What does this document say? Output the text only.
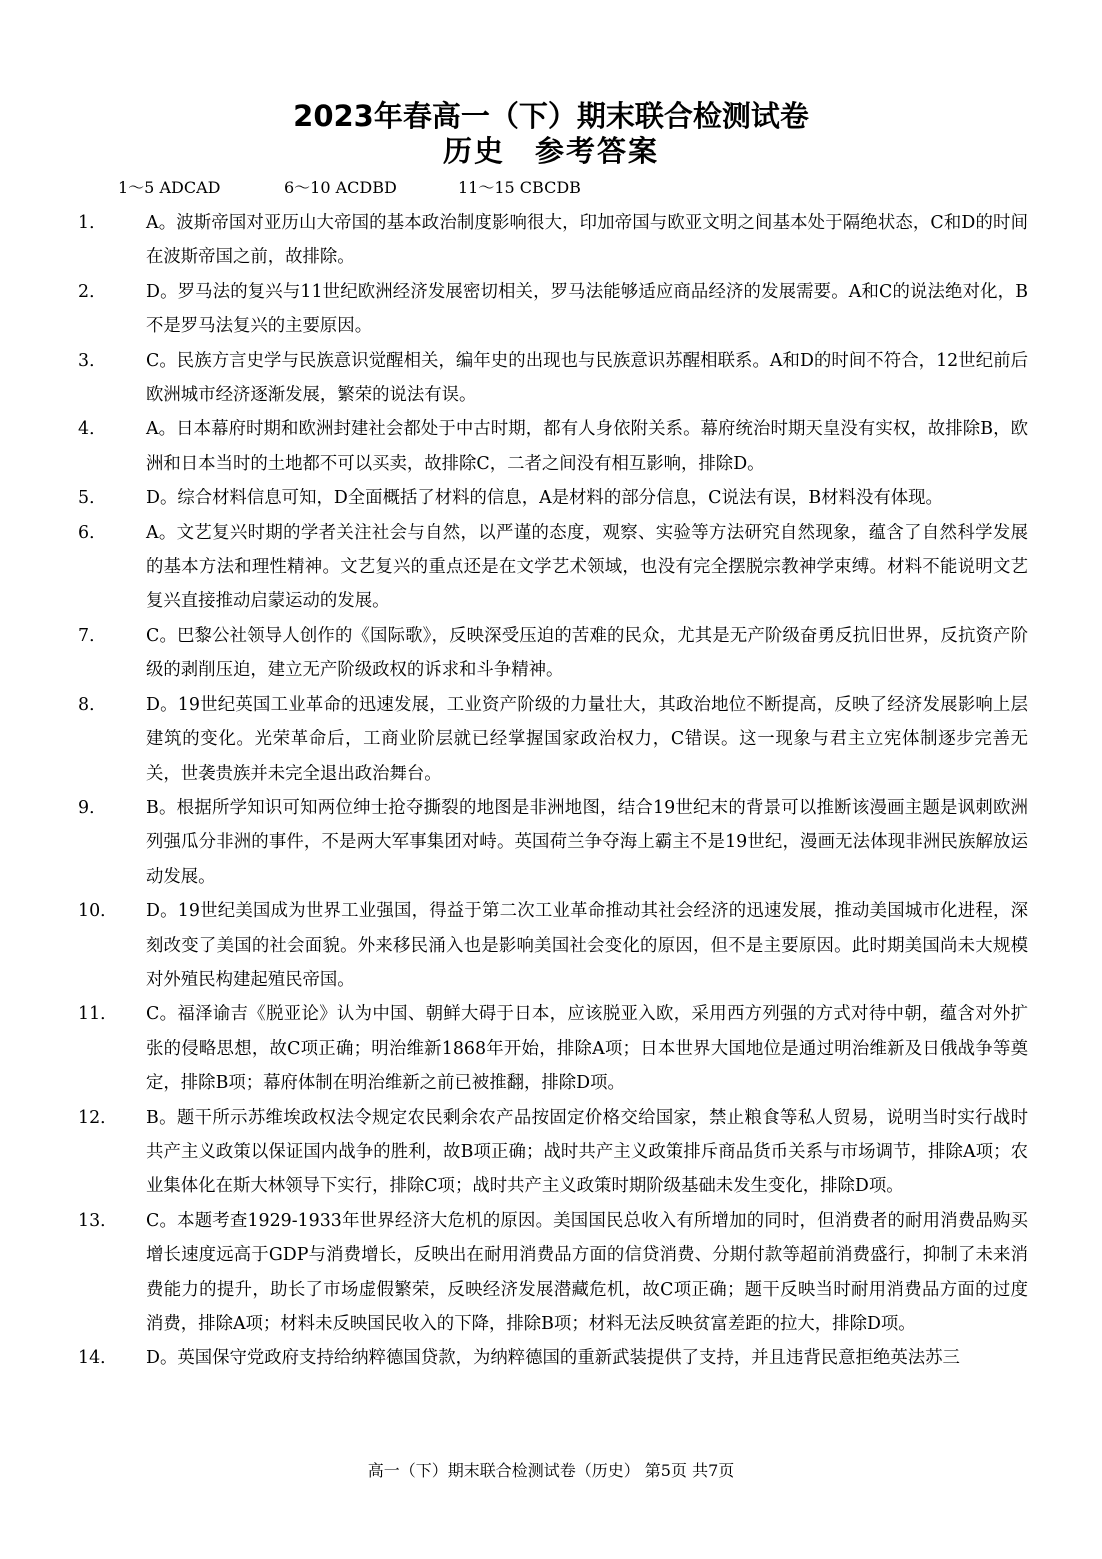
2023年春高一（下）期末联合检测试卷
历史 参考答案
1～5 ADCAD	6～10 ACDBD	11～15 CBCDB
1．	A。波斯帝国对亚历山大帝国的基本政治制度影响很大，印加帝国与欧亚文明之间基本处于隔绝状态，C和D的时间在波斯帝国之前，故排除。
2．	D。罗马法的复兴与11世纪欧洲经济发展密切相关，罗马法能够适应商品经济的发展需要。A和C的说法绝对化，B不是罗马法复兴的主要原因。
3．	C。民族方言史学与民族意识觉醒相关，编年史的出现也与民族意识苏醒相联系。A和D的时间不符合，12世纪前后欧洲城市经济逐渐发展，繁荣的说法有误。
4．	A。日本幕府时期和欧洲封建社会都处于中古时期，都有人身依附关系。幕府统治时期天皇没有实权，故排除B，欧洲和日本当时的土地都不可以买卖，故排除C，二者之间没有相互影响，排除D。
5．	D。综合材料信息可知，D全面概括了材料的信息，A是材料的部分信息，C说法有误，B材料没有体现。
6．	A。文艺复兴时期的学者关注社会与自然，以严谨的态度，观察、实验等方法研究自然现象，蕴含了自然科学发展的基本方法和理性精神。文艺复兴的重点还是在文学艺术领域，也没有完全摆脱宗教神学束缚。材料不能说明文艺复兴直接推动启蒙运动的发展。
7．	C。巴黎公社领导人创作的《国际歌》，反映深受压迫的苦难的民众，尤其是无产阶级奋勇反抗旧世界，反抗资产阶级的剥削压迫，建立无产阶级政权的诉求和斗争精神。
8．	D。19世纪英国工业革命的迅速发展，工业资产阶级的力量壮大，其政治地位不断提高，反映了经济发展影响上层建筑的变化。光荣革命后，工商业阶层就已经掌握国家政治权力，C错误。这一现象与君主立宪体制逐步完善无关，世袭贵族并未完全退出政治舞台。
9．	B。根据所学知识可知两位绅士抢夺撕裂的地图是非洲地图，结合19世纪末的背景可以推断该漫画主题是讽刺欧洲列强瓜分非洲的事件，不是两大军事集团对峙。英国荷兰争夺海上霸主不是19世纪，漫画无法体现非洲民族解放运动发展。
10．	D。19世纪美国成为世界工业强国，得益于第二次工业革命推动其社会经济的迅速发展，推动美国城市化进程，深刻改变了美国的社会面貌。外来移民涌入也是影响美国社会变化的原因，但不是主要原因。此时期美国尚未大规模对外殖民构建起殖民帝国。
11．	C。福泽谕吉《脱亚论》认为中国、朝鲜大碍于日本，应该脱亚入欧，采用西方列强的方式对待中朝，蕴含对外扩张的侵略思想，故C项正确；明治维新1868年开始，排除A项；日本世界大国地位是通过明治维新及日俄战争等奠定，排除B项；幕府体制在明治维新之前已被推翻，排除D项。
12．	B。题干所示苏维埃政权法令规定农民剩余农产品按固定价格交给国家，禁止粮食等私人贸易，说明当时实行战时共产主义政策以保证国内战争的胜利，故B项正确；战时共产主义政策排斥商品货币关系与市场调节，排除A项；农业集体化在斯大林领导下实行，排除C项；战时共产主义政策时期阶级基础未发生变化，排除D项。
13．	C。本题考查1929-1933年世界经济大危机的原因。美国国民总收入有所增加的同时，但消费者的耐用消费品购买增长速度远高于GDP与消费增长，反映出在耐用消费品方面的信贷消费、分期付款等超前消费盛行，抑制了未来消费能力的提升，助长了市场虚假繁荣，反映经济发展潜藏危机，故C项正确；题干反映当时耐用消费品方面的过度消费，排除A项；材料未反映国民收入的下降，排除B项；材料无法反映贫富差距的拉大，排除D项。
14．	D。英国保守党政府支持给纳粹德国贷款，为纳粹德国的重新武装提供了支持，并且违背民意拒绝英法苏三
高一（下）期末联合检测试卷（历史） 第5页 共7页
